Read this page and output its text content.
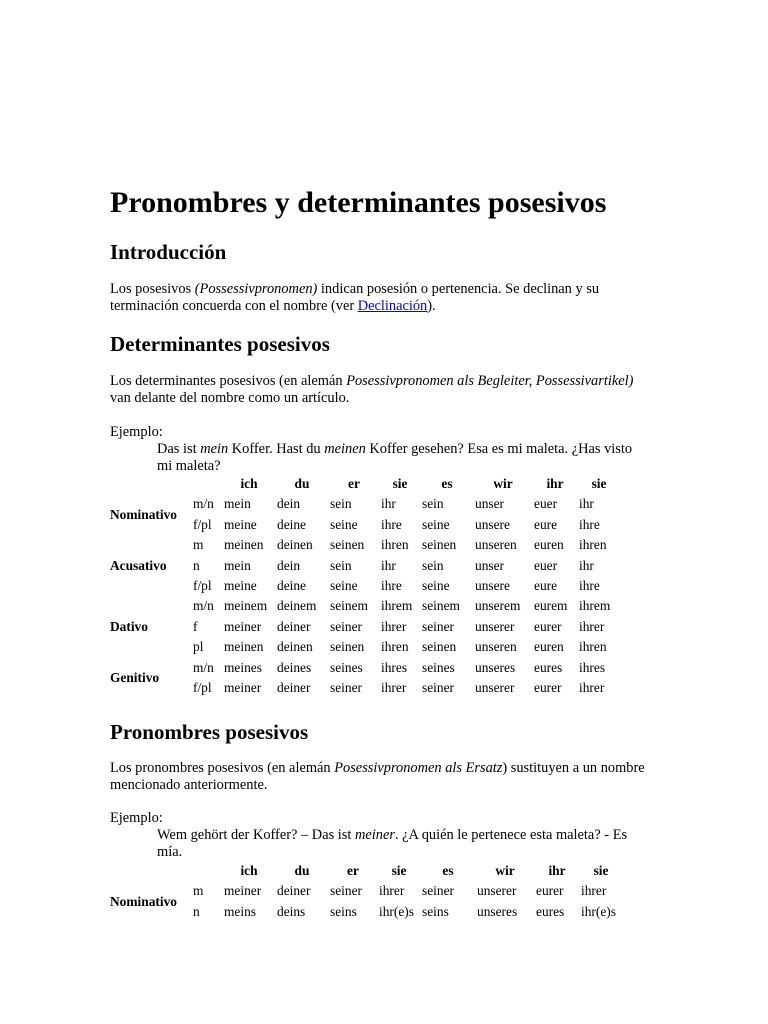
Pronombres y determinantes posesivos
Introducción

Los posesivos (Possessivpronomen) indican posesión o pertenencia. Se declinan y su terminación concuerda con el nombre (ver Declinación).

Determinantes posesivos

Los determinantes posesivos (en alemán Posessivpronomen als Begleiter, Possessivartikel) van delante del nombre como un artículo.

Ejemplo:
Das ist mein Koffer. Hast du meinen Koffer gesehen? Esa es mi maleta. ¿Has visto mi maleta?
		ich	du	er	sie	es	wir	ihr	sie
Nominativo	m/n	mein	dein	sein	ihr	sein	unser	euer	ihr
	f/pl	meine	deine	seine	ihre	seine	unsere	eure	ihre
Acusativo	m	meinen	deinen	seinen	ihren	seinen	unseren	euren	ihren
	n	mein	dein	sein	ihr	sein	unser	euer	ihr
	f/pl	meine	deine	seine	ihre	seine	unsere	eure	ihre
Dativo	m/n	meinem	deinem	seinem	ihrem	seinem	unserem	eurem	ihrem
	f	meiner	deiner	seiner	ihrer	seiner	unserer	eurer	ihrer
	pl	meinen	deinen	seinen	ihren	seinen	unseren	euren	ihren
Genitivo	m/n	meines	deines	seines	ihres	seines	unseres	eures	ihres
	f/pl	meiner	deiner	seiner	ihrer	seiner	unserer	eurer	ihrer
Pronombres posesivos

Los pronombres posesivos (en alemán Posessivpronomen als Ersatz) sustituyen a un nombre mencionado anteriormente.

Ejemplo:
Wem gehört der Koffer? – Das ist meiner. ¿A quién le pertenece esta maleta? - Es mía.
		ich	du	er	sie	es	wir	ihr	sie
Nominativo	m	meiner	deiner	seiner	ihrer	seiner	unserer	eurer	ihrer
	n	meins	deins	seins	ihr(e)s	seins	unseres	eures	ihr(e)s
